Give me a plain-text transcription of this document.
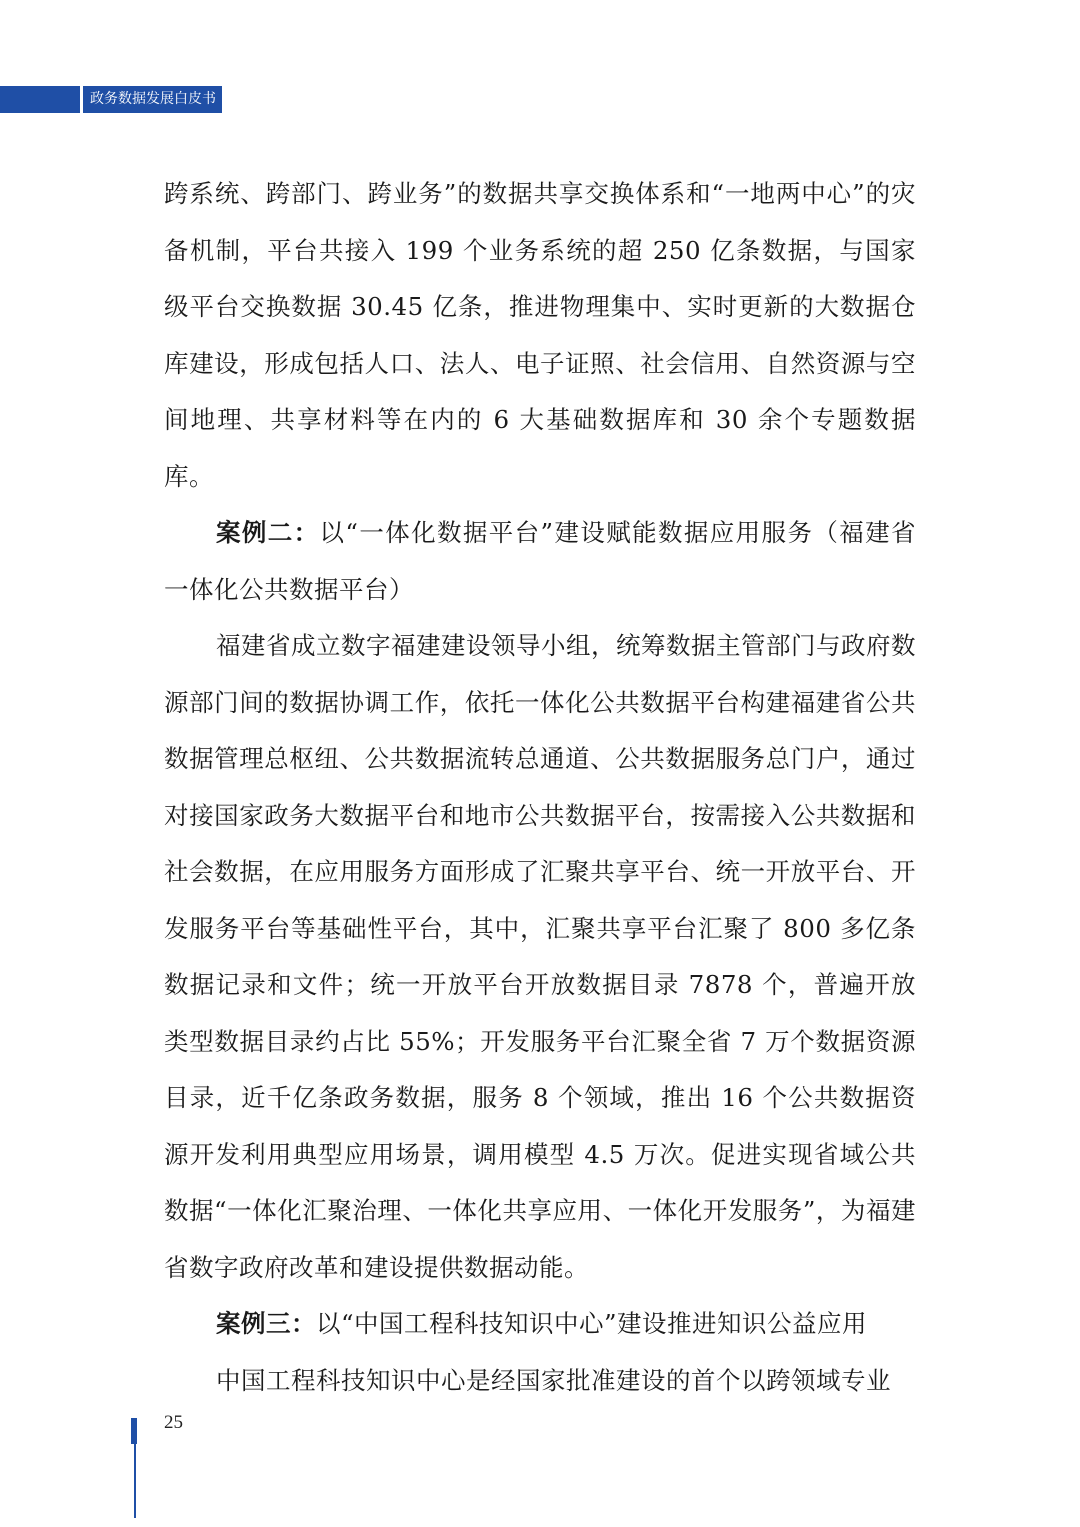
政务数据发展白皮书

跨系统、跨部门、跨业务”的数据共享交换体系和“一地两中心”的灾备机制，平台共接入 199 个业务系统的超 250 亿条数据，与国家级平台交换数据 30.45 亿条，推进物理集中、实时更新的大数据仓库建设，形成包括人口、法人、电子证照、社会信用、自然资源与空间地理、共享材料等在内的 6 大基础数据库和 30 余个专题数据库。

案例二：以“一体化数据平台”建设赋能数据应用服务（福建省一体化公共数据平台）

福建省成立数字福建建设领导小组，统筹数据主管部门与政府数源部门间的数据协调工作，依托一体化公共数据平台构建福建省公共数据管理总枢纽、公共数据流转总通道、公共数据服务总门户，通过对接国家政务大数据平台和地市公共数据平台，按需接入公共数据和社会数据，在应用服务方面形成了汇聚共享平台、统一开放平台、开发服务平台等基础性平台，其中，汇聚共享平台汇聚了 800 多亿条数据记录和文件；统一开放平台开放数据目录 7878 个，普遍开放类型数据目录约占比 55%；开发服务平台汇聚全省 7 万个数据资源目录，近千亿条政务数据，服务 8 个领域，推出 16 个公共数据资源开发利用典型应用场景，调用模型 4.5 万次。促进实现省域公共数据“一体化汇聚治理、一体化共享应用、一体化开发服务”，为福建省数字政府改革和建设提供数据动能。

案例三：以“中国工程科技知识中心”建设推进知识公益应用

中国工程科技知识中心是经国家批准建设的首个以跨领域专业

25
